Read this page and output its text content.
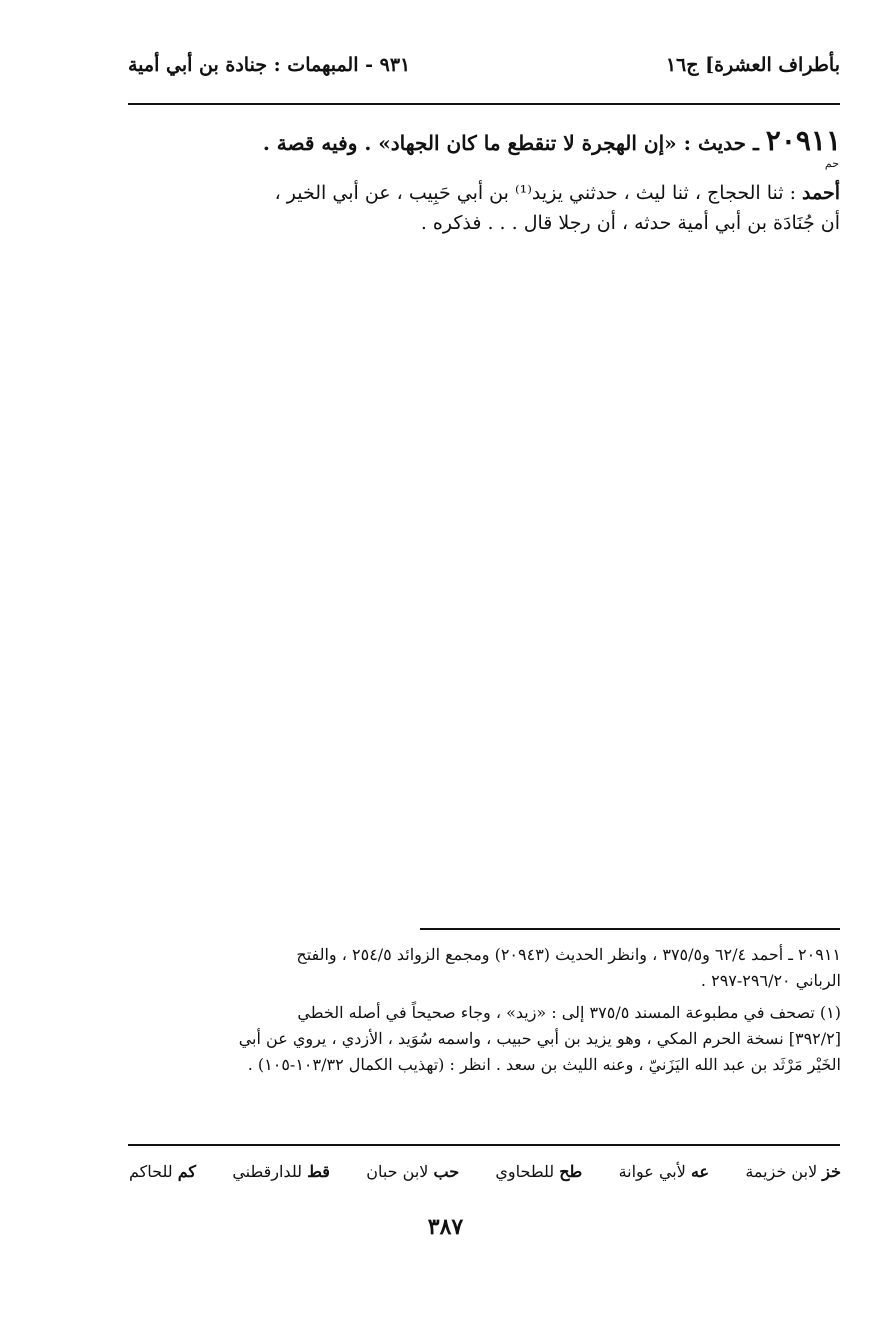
بأطراف العشرة] ج١٦
٩٣١ - المبهمات : جنادة بن أبي أمية
٢٠٩١١ ـ حديث : «إن الهجرة لا تنقطع ما كان الجهاد» . وفيه قصة .
حم
أحمد : ثنا الحجاج ، ثنا ليث ، حدثني يزيد⁽¹⁾ بن أبي حَبِيب ، عن أبي الخير ،
أن جُنَادَة بن أبي أمية حدثه ، أن رجلا قال . . . فذكره .
٢٠٩١١ ـ أحمد ٦٢/٤ و٣٧٥/٥ ، وانظر الحديث (٢٠٩٤٣) ومجمع الزوائد ٢٥٤/٥ ، والفتح
الرباني ٢٩٦/٢٠-٢٩٧ .
(١) تصحف في مطبوعة المسند ٣٧٥/٥ إلى : «زيد» ، وجاء صحيحاً في أصله الخطي
[٣٩٢/٢] نسخة الحرم المكي ، وهو يزيد بن أبي حبيب ، واسمه سُوَيد ، الأزدي ، يروي عن أبي
الخَيْر مَرْثَد بن عبد الله اليَزَنيّ ، وعنه الليث بن سعد . انظر : (تهذيب الكمال ١٠٣/٣٢-١٠٥) .
خز لابن خزيمة
عه لأبي عوانة
طح للطحاوي
حب لابن حبان
قط للدارقطني
كم للحاكم
٣٨٧
